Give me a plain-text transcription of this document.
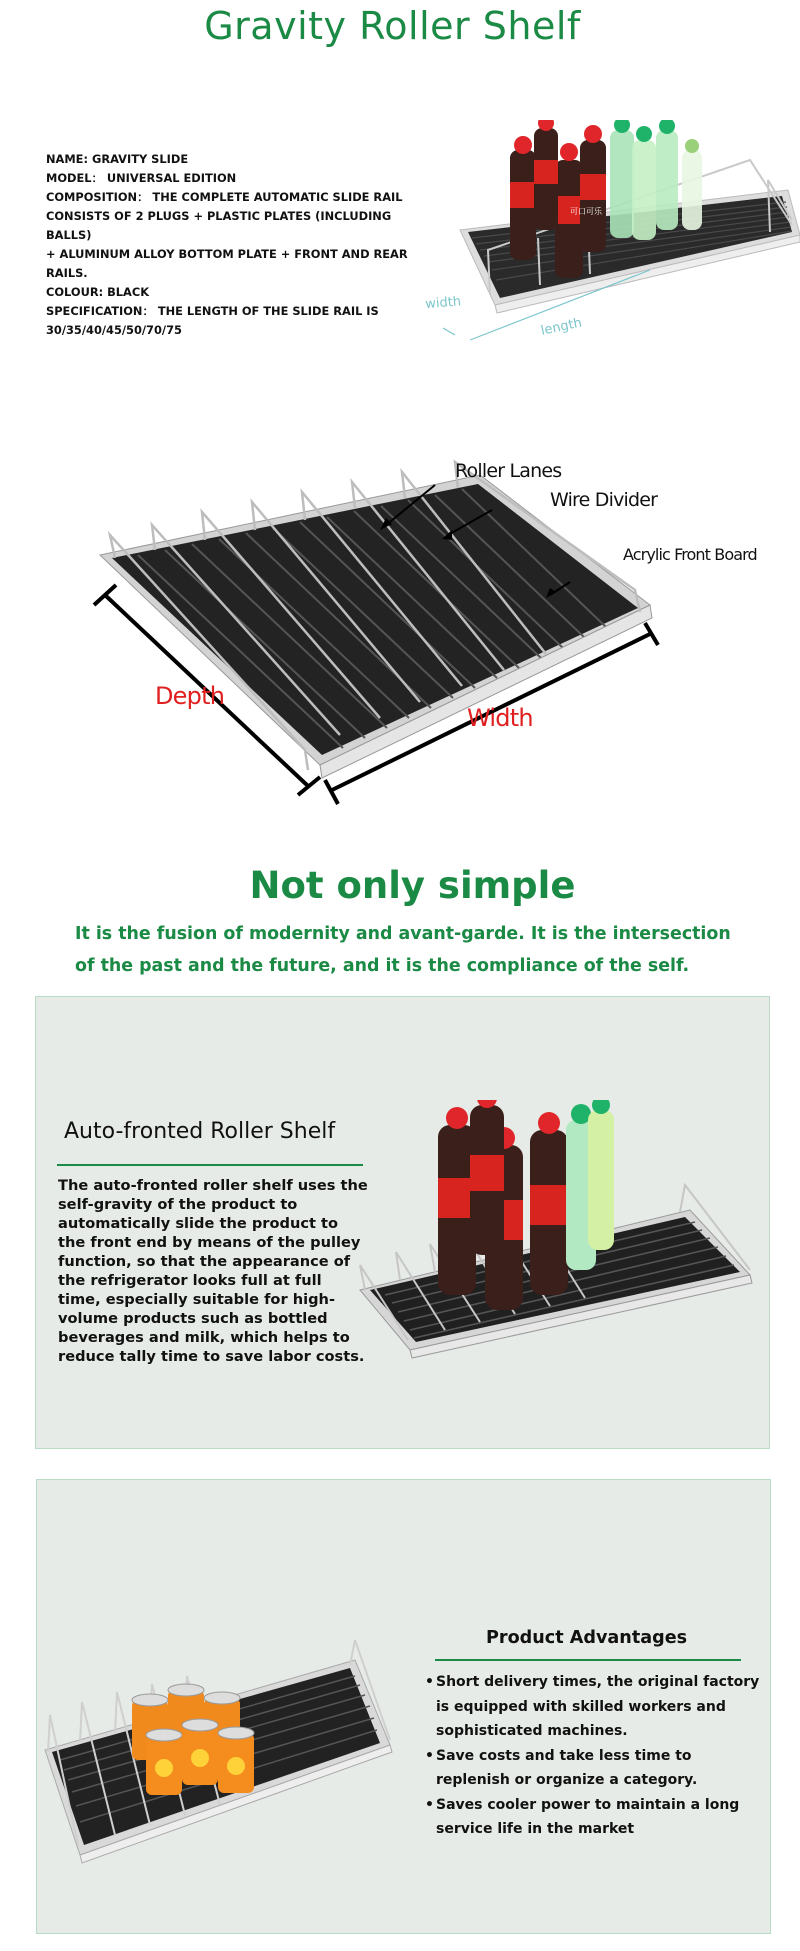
Gravity Roller Shelf
NAME: GRAVITY SLIDE
MODEL： UNIVERSAL EDITION
COMPOSITION： THE COMPLETE AUTOMATIC SLIDE RAIL
CONSISTS OF 2 PLUGS + PLASTIC PLATES (INCLUDING BALLS)
+ ALUMINUM ALLOY BOTTOM PLATE + FRONT AND REAR
RAILS.
COLOUR: BLACK
SPECIFICATION： THE LENGTH OF THE SLIDE RAIL IS
30/35/40/45/50/70/75
可口可乐
width
length
Roller Lanes
Wire Divider
Acrylic Front Board
Depth
Width
Not only simple
It is the fusion of modernity and avant-garde. It is the intersection of the past and the future, and it is the compliance of the self.
Auto-fronted Roller Shelf
The auto-fronted roller shelf uses the self-gravity of the product to automatically slide the product to the front end by means of the pulley function, so that the appearance of the refrigerator looks full at full time, especially suitable for high-volume products such as bottled beverages and milk, which helps to reduce tally time to save labor costs.
Product Advantages
• Short delivery times, the original factory is equipped with skilled workers and sophisticated machines.
• Save costs and take less time to replenish or organize a category.
• Saves cooler power to maintain a long service life in the market
